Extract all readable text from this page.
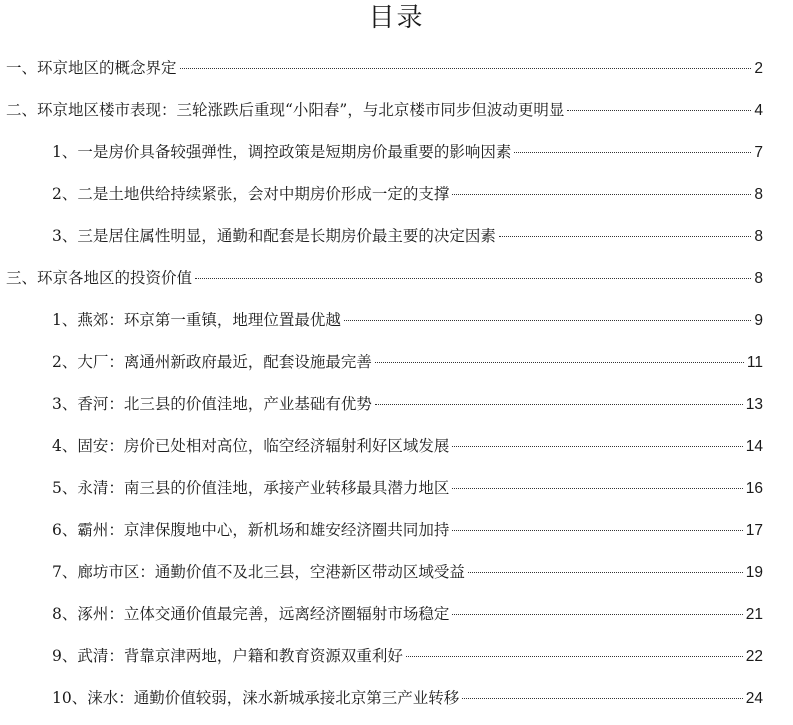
目录
一、环京地区的概念界定	2
二、环京地区楼市表现：三轮涨跌后重现“小阳春”，与北京楼市同步但波动更明显	4
1、一是房价具备较强弹性，调控政策是短期房价最重要的影响因素	7
2、二是土地供给持续紧张，会对中期房价形成一定的支撑	8
3、三是居住属性明显，通勤和配套是长期房价最主要的决定因素	8
三、环京各地区的投资价值	8
1、燕郊：环京第一重镇，地理位置最优越	9
2、大厂：离通州新政府最近，配套设施最完善	11
3、香河：北三县的价值洼地，产业基础有优势	13
4、固安：房价已处相对高位，临空经济辐射利好区域发展	14
5、永清：南三县的价值洼地，承接产业转移最具潜力地区	16
6、霸州：京津保腹地中心，新机场和雄安经济圈共同加持	17
7、廊坊市区：通勤价值不及北三县，空港新区带动区域受益	19
8、涿州：立体交通价值最完善，远离经济圈辐射市场稳定	21
9、武清：背靠京津两地，户籍和教育资源双重利好	22
10、涞水：通勤价值较弱，涞水新城承接北京第三产业转移	24
